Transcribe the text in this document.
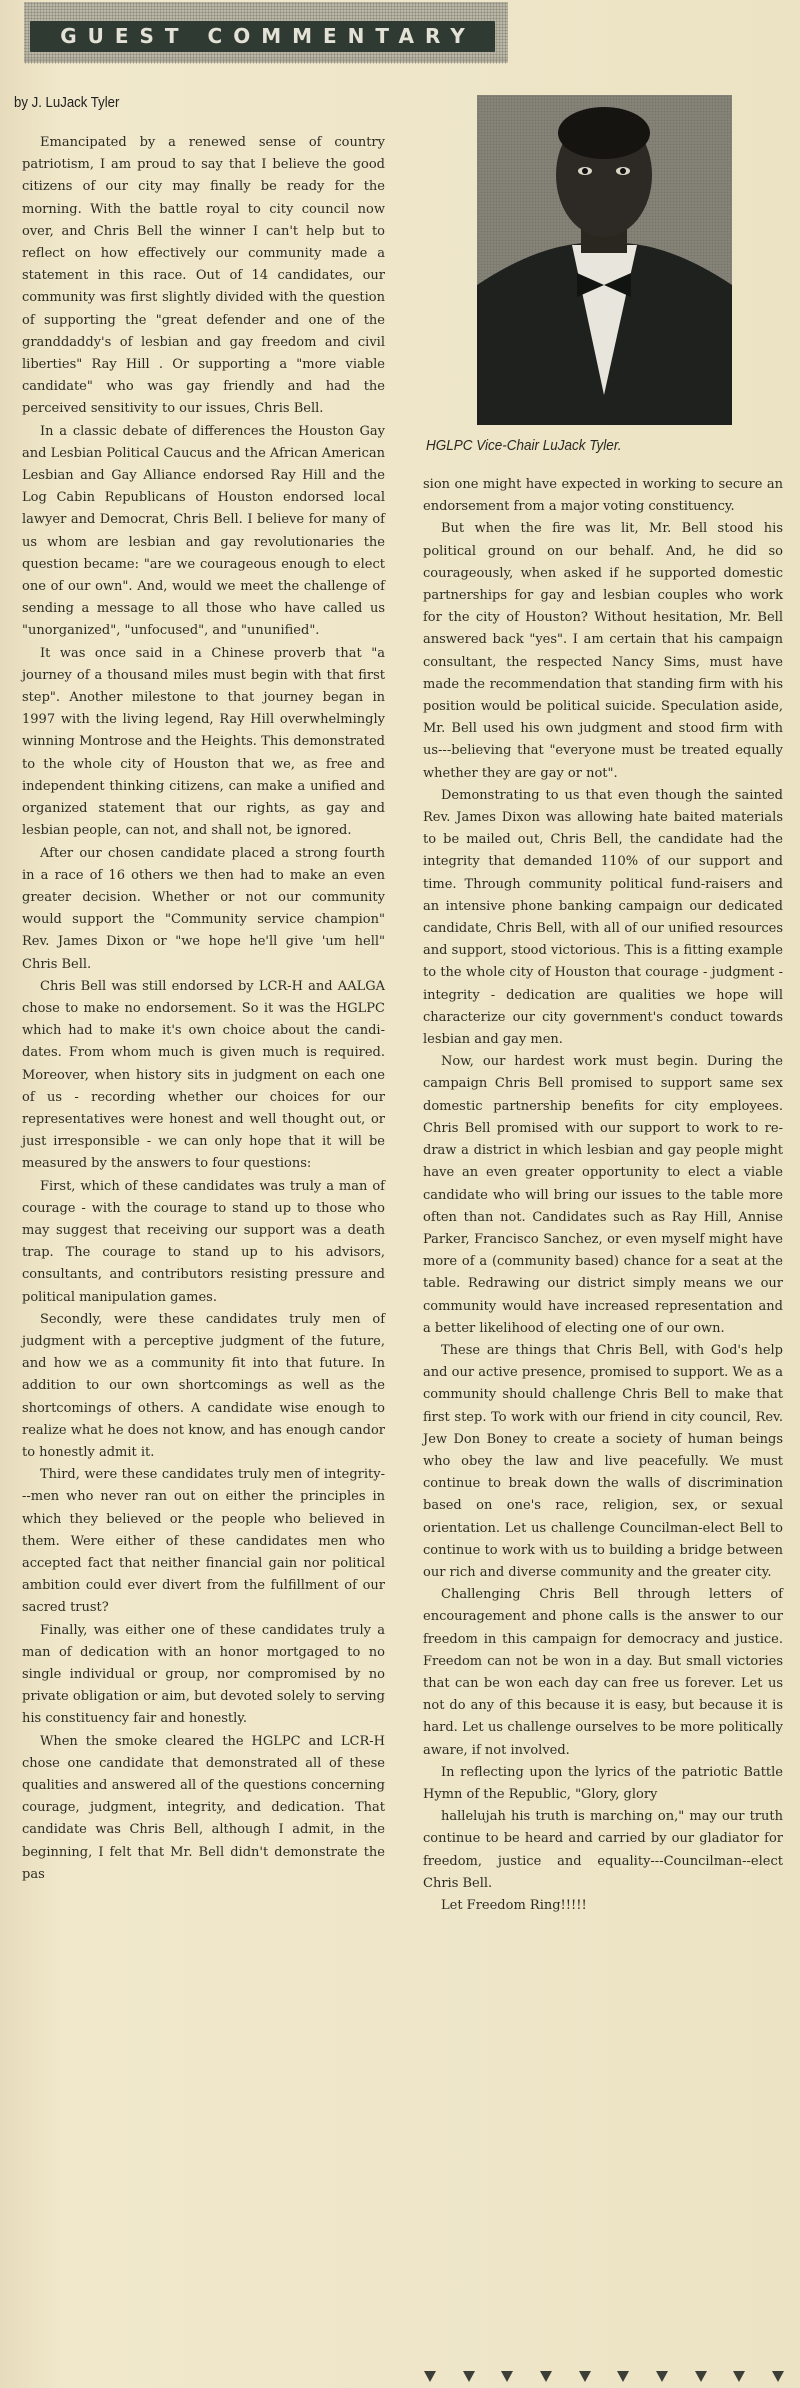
GUEST COMMENTARY
by J. LuJack Tyler
HGLPC Vice-Chair LuJack Tyler.

Emancipated by a renewed sense of country patriotism, I am proud to say that I believe the good citizens of our city may finally be ready for the morning. With the battle royal to city council now over, and Chris Bell the winner I can't help but to reflect on how effectively our community made a statement in this race. Out of 14 candidates, our community was first slightly divided with the question of supporting the "great defender and one of the granddaddy's of lesbian and gay freedom and civil liberties" Ray Hill . Or supporting a "more viable candidate" who was gay friendly and had the perceived sensitivity to our issues, Chris Bell.

In a classic debate of differences the Houston Gay and Lesbian Political Caucus and the African American Lesbian and Gay Alliance endorsed Ray Hill and the Log Cabin Republicans of Houston endorsed local lawyer and Democrat, Chris Bell. I believe for many of us whom are lesbian and gay revolutionaries the question became: "are we courageous enough to elect one of our own". And, would we meet the challenge of sending a message to all those who have called us "unorganized", "unfocused", and "ununified".

It was once said in a Chinese proverb that "a journey of a thousand miles must begin with that first step". Another milestone to that journey began in 1997 with the living legend, Ray Hill overwhelmingly winning Montrose and the Heights. This demonstrated to the whole city of Houston that we, as free and independent thinking citizens, can make a unified and organized statement that our rights, as gay and lesbian people, can not, and shall not, be ignored.

After our chosen candidate placed a strong fourth in a race of 16 others we then had to make an even greater decision. Whether or not our community would support the "Community service champion" Rev. James Dixon or "we hope he'll give 'um hell" Chris Bell.

Chris Bell was still endorsed by LCR-H and AALGA chose to make no endorsement. So it was the HGLPC which had to make it's own choice about the candidates. From whom much is given much is required. Moreover, when history sits in judgment on each one of us - recording whether our choices for our representatives were honest and well thought out, or just irresponsible - we can only hope that it will be measured by the answers to four questions:

First, which of these candidates was truly a man of courage - with the courage to stand up to those who may suggest that receiving our support was a death trap. The courage to stand up to his advisors, consultants, and contributors resisting pressure and political manipulation games.

Secondly, were these candidates truly men of judgment with a perceptive judgment of the future, and how we as a community fit into that future. In addition to our own shortcomings as well as the shortcomings of others. A candidate wise enough to realize what he does not know, and has enough candor to honestly admit it.

Third, were these candidates truly men of integrity---men who never ran out on either the principles in which they believed or the people who believed in them. Were either of these candidates men who accepted fact that neither financial gain nor political ambition could ever divert from the fulfillment of our sacred trust?

Finally, was either one of these candidates truly a man of dedication with an honor mortgaged to no single individual or group, nor compromised by no private obligation or aim, but devoted solely to serving his constituency fair and honestly.

When the smoke cleared the HGLPC and LCR-H chose one candidate that demonstrated all of these qualities and answered all of the questions concerning courage, judgment, integrity, and dedication. That candidate was Chris Bell, although I admit, in the beginning, I felt that Mr. Bell didn't demonstrate the pas

sion one might have expected in working to secure an endorsement from a major voting constituency.

But when the fire was lit, Mr. Bell stood his political ground on our behalf. And, he did so courageously, when asked if he supported domestic partnerships for gay and lesbian couples who work for the city of Houston? Without hesitation, Mr. Bell answered back "yes". I am certain that his campaign consultant, the respected Nancy Sims, must have made the recommendation that standing firm with his position would be political suicide. Speculation aside, Mr. Bell used his own judgment and stood firm with us---believing that "everyone must be treated equally whether they are gay or not".

Demonstrating to us that even though the sainted Rev. James Dixon was allowing hate baited materials to be mailed out, Chris Bell, the candidate had the integrity that demanded 110% of our support and time. Through community political fund-raisers and an intensive phone banking campaign our dedicated candidate, Chris Bell, with all of our unified resources and support, stood victorious. This is a fitting example to the whole city of Houston that courage - judgment - integrity - dedication are qualities we hope will characterize our city government's conduct towards lesbian and gay men.

Now, our hardest work must begin. During the campaign Chris Bell promised to support same sex domestic partnership benefits for city employees. Chris Bell promised with our support to work to redraw a district in which lesbian and gay people might have an even greater opportunity to elect a viable candidate who will bring our issues to the table more often than not. Candidates such as Ray Hill, Annise Parker, Francisco Sanchez, or even myself might have more of a (community based) chance for a seat at the table. Redrawing our district simply means we our community would have increased representation and a better likelihood of electing one of our own.

These are things that Chris Bell, with God's help and our active presence, promised to support. We as a community should challenge Chris Bell to make that first step. To work with our friend in city council, Rev. Jew Don Boney to create a society of human beings who obey the law and live peacefully. We must continue to break down the walls of discrimination based on one's race, religion, sex, or sexual orientation. Let us challenge Councilman-elect Bell to continue to work with us to building a bridge between our rich and diverse community and the greater city.

Challenging Chris Bell through letters of encouragement and phone calls is the answer to our freedom in this campaign for democracy and justice. Freedom can not be won in a day. But small victories that can be won each day can free us forever. Let us not do any of this because it is easy, but because it is hard. Let us challenge ourselves to be more politically aware, if not involved.

In reflecting upon the lyrics of the patriotic Battle Hymn of the Republic, "Glory, glory

hallelujah his truth is marching on," may our truth continue to be heard and carried by our gladiator for freedom, justice and equality---Councilman--elect Chris Bell.

Let Freedom Ring!!!!!
